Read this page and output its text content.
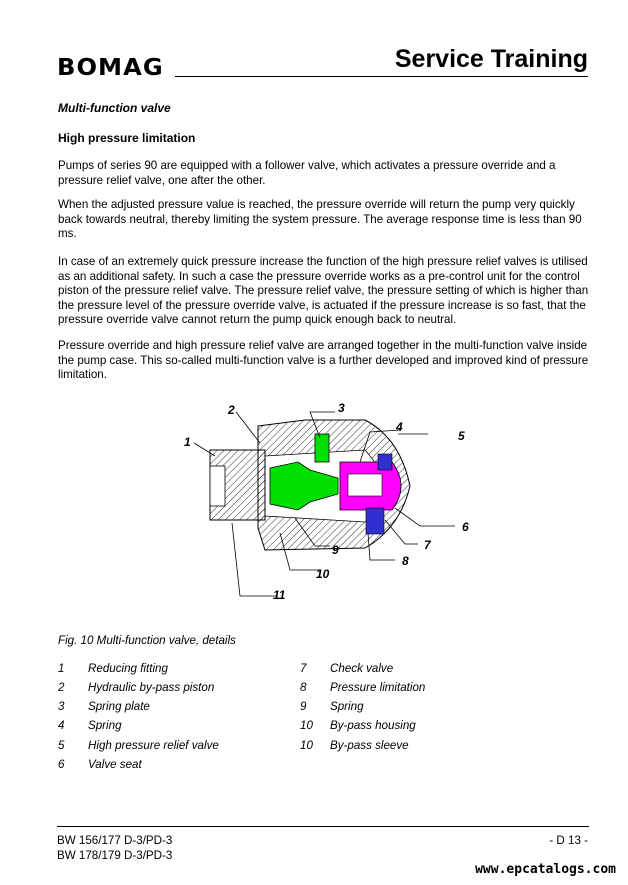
BOMAG	Service Training
Multi-function valve
High pressure limitation
Pumps of series 90 are equipped with a follower valve, which activates a pressure override and a pressure relief valve, one after the other.
When the adjusted pressure value is reached, the pressure override will return the pump very quickly back towards neutral, thereby limiting the system pressure. The average response time is less than 90 ms.
In case of an extremely quick pressure increase the function of the high pressure relief valves is utilised as an additional safety. In such a case the pressure override works as a pre-control unit for the control piston of the pressure relief valve. The pressure relief valve, the pressure setting of which is higher than the pressure level of the pressure override valve, is actuated if the pressure increase is so fast, that the pressure override valve cannot return the pump quick enough back to neutral.
Pressure override and high pressure relief valve are arranged together in the multi-function valve inside the pump case. This so-called multi-function valve is a further developed and improved kind of pressure limitation.
1
2	3
4
5
6
7
8
9
10
11
Fig. 10 Multi-function valve, details
1 Reducing fitting
2 Hydraulic by-pass piston
3 Spring plate
4 Spring
5 High pressure relief valve
6 Valve seat
7 Check valve
8 Pressure limitation
9 Spring
10 By-pass housing
10 By-pass sleeve
BW 156/177 D-3/PD-3
BW 178/179 D-3/PD-3
- D 13 -
www.epcatalogs.com
